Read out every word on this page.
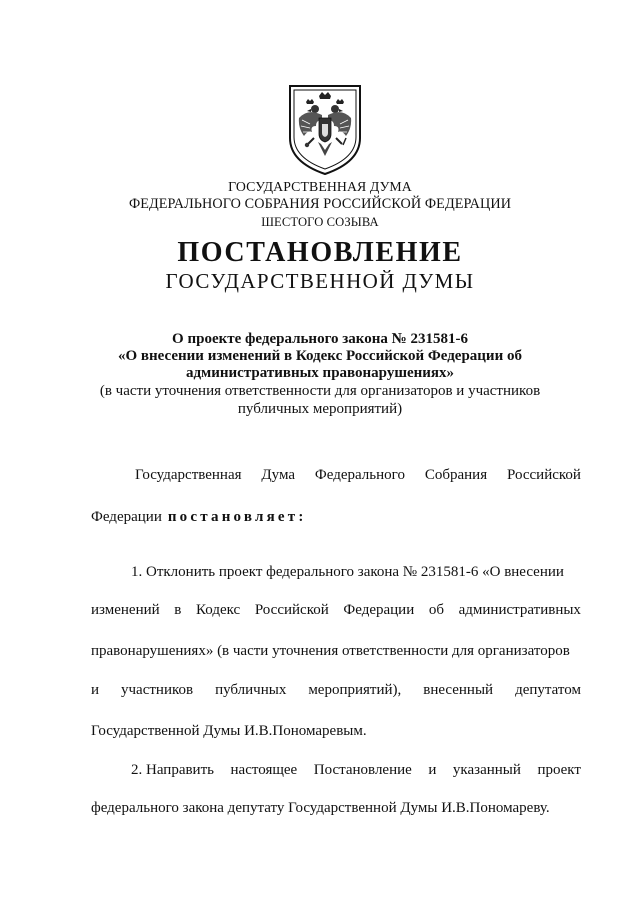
ГОСУДАРСТВЕННАЯ ДУМА
ФЕДЕРАЛЬНОГО СОБРАНИЯ РОССИЙСКОЙ ФЕДЕРАЦИИ
ШЕСТОГО СОЗЫВА
ПОСТАНОВЛЕНИЕ
ГОСУДАРСТВЕННОЙ ДУМЫ
О проекте федерального закона № 231581-6
«О внесении изменений в Кодекс Российской Федерации об
административных правонарушениях»
(в части уточнения ответственности для организаторов и участников
публичных мероприятий)
Государственная Дума Федерального Собрания Российской
Федерации постановляет:
1. Отклонить проект федерального закона № 231581-6 «О внесении
изменений в Кодекс Российской Федерации об административных
правонарушениях» (в части уточнения ответственности для организаторов
и участников публичных мероприятий), внесенный депутатом
Государственной Думы И.В.Пономаревым.
2. Направить настоящее Постановление и указанный проект
федерального закона депутату Государственной Думы И.В.Пономареву.
